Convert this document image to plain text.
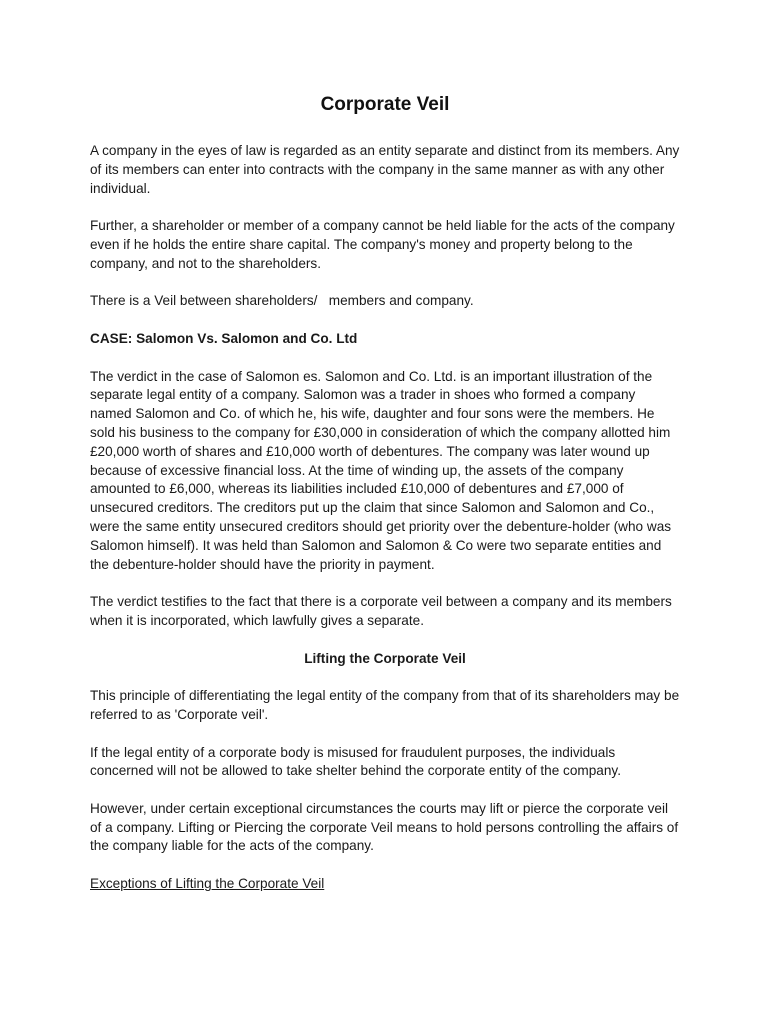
Corporate Veil

A company in the eyes of law is regarded as an entity separate and distinct from its members. Any of its members can enter into contracts with the company in the same manner as with any other individual.

Further, a shareholder or member of a company cannot be held liable for the acts of the company even if he holds the entire share capital. The company's money and property belong to the company, and not to the shareholders.

There is a Veil between shareholders/   members and company.

CASE: Salomon Vs. Salomon and Co. Ltd

The verdict in the case of Salomon es. Salomon and Co. Ltd. is an important illustration of the separate legal entity of a company. Salomon was a trader in shoes who formed a company named Salomon and Co. of which he, his wife, daughter and four sons were the members. He sold his business to the company for £30,000 in consideration of which the company allotted him £20,000 worth of shares and £10,000 worth of debentures. The company was later wound up because of excessive financial loss. At the time of winding up, the assets of the company amounted to £6,000, whereas its liabilities included £10,000 of debentures and £7,000 of unsecured creditors. The creditors put up the claim that since Salomon and Salomon and Co., were the same entity unsecured creditors should get priority over the debenture-holder (who was Salomon himself). It was held than Salomon and Salomon & Co were two separate entities and the debenture-holder should have the priority in payment.

The verdict testifies to the fact that there is a corporate veil between a company and its members when it is incorporated, which lawfully gives a separate.

Lifting the Corporate Veil

This principle of differentiating the legal entity of the company from that of its shareholders may be referred to as 'Corporate veil'.

If the legal entity of a corporate body is misused for fraudulent purposes, the individuals concerned will not be allowed to take shelter behind the corporate entity of the company.

However, under certain exceptional circumstances the courts may lift or pierce the corporate veil of a company. Lifting or Piercing the corporate Veil means to hold persons controlling the affairs of the company liable for the acts of the company.

Exceptions of Lifting the Corporate Veil
